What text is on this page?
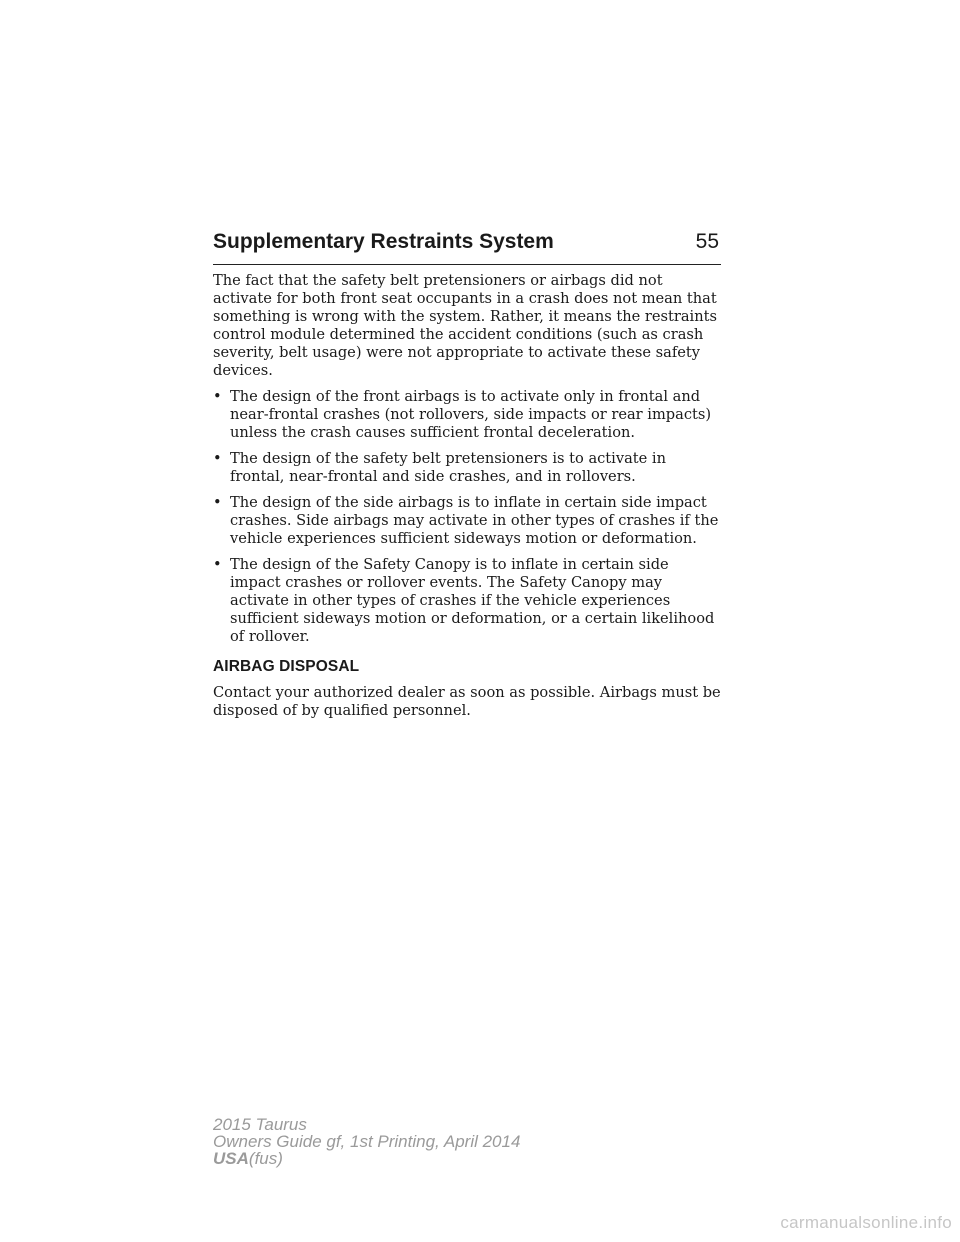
Supplementary Restraints System	55

The fact that the safety belt pretensioners or airbags did not activate for both front seat occupants in a crash does not mean that something is wrong with the system. Rather, it means the restraints control module determined the accident conditions (such as crash severity, belt usage) were not appropriate to activate these safety devices.

• The design of the front airbags is to activate only in frontal and near-frontal crashes (not rollovers, side impacts or rear impacts) unless the crash causes sufficient frontal deceleration.
• The design of the safety belt pretensioners is to activate in frontal, near-frontal and side crashes, and in rollovers.
• The design of the side airbags is to inflate in certain side impact crashes. Side airbags may activate in other types of crashes if the vehicle experiences sufficient sideways motion or deformation.
• The design of the Safety Canopy is to inflate in certain side impact crashes or rollover events. The Safety Canopy may activate in other types of crashes if the vehicle experiences sufficient sideways motion or deformation, or a certain likelihood of rollover.
AIRBAG DISPOSAL

Contact your authorized dealer as soon as possible. Airbags must be disposed of by qualified personnel.

2015 Taurus
Owners Guide gf, 1st Printing, April 2014
USA(fus)
carmanualsonline.info
